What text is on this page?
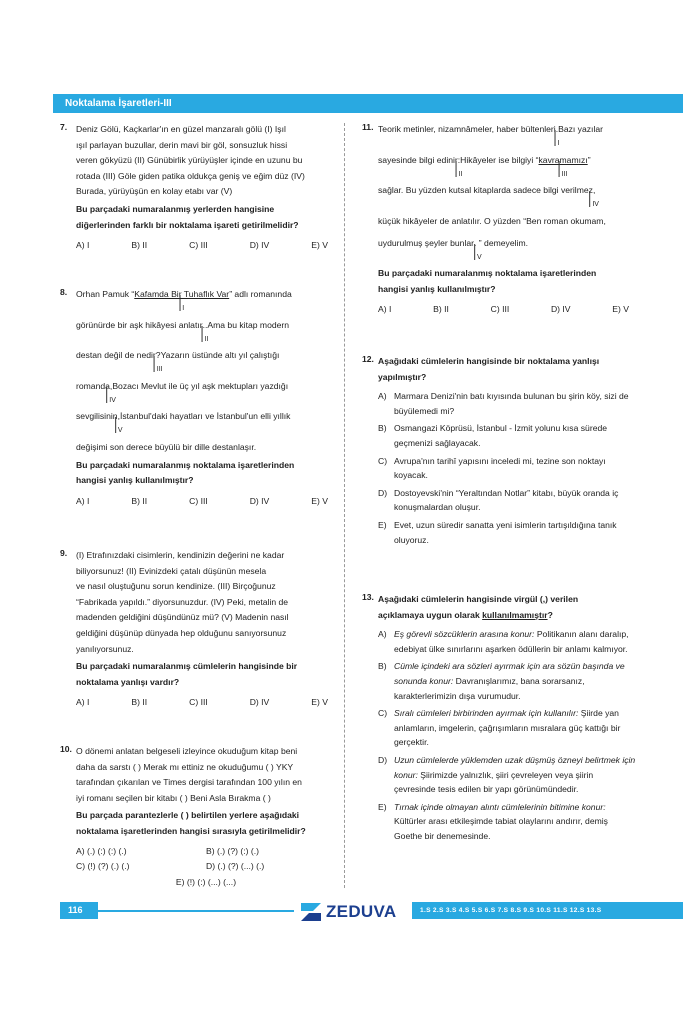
Noktalama İşaretleri-III
7. Deniz Gölü, Kaçkarlar'ın en güzel manzaralı gölü (I) Işıl
ışıl parlayan buzullar, derin mavi bir göl, sonsuzluk hissi
veren gökyüzü (II) Günübirlik yürüyüşler içinde en uzunu bu
rotada (III) Göle giden patika oldukça geniş ve eğim düz (IV)
Burada, yürüyüşün en kolay etabı var (V)
Bu parçadaki numaralanmış yerlerden hangisine
diğerlerinden farklı bir noktalama işareti getirilmelidir?
A) I	B) II	C) III	D) IV	E) V
8. Orhan Pamuk “Kafamda Bir Tuhaflık Var
I
” adlı romanında
görünürde bir aşk hikâyesi anlatır..
II
Ama bu kitap modern
destan değil de nedir?
III
Yazarın üstünde altı yıl çalıştığı
romanda,
IV
Bozacı Mevlut ile üç yıl aşk mektupları yazdığı
sevgilisinin,
V
İstanbul'daki hayatları ve İstanbul'un elli yıllık
değişimi son derece büyülü bir dille destanlaşır.
Bu parçadaki numaralanmış noktalama işaretlerinden
hangisi yanlış kullanılmıştır?
A) I	B) II	C) III	D) IV	E) V
9. (I) Etrafınızdaki cisimlerin, kendinizin değerini ne kadar
biliyorsunuz! (II) Evinizdeki çatalı düşünün mesela
ve nasıl oluştuğunu sorun kendinize. (III) Birçoğunuz
“Fabrikada yapıldı.” diyorsunuzdur. (IV) Peki, metalin de
madenden geldiğini düşündünüz mü? (V) Madenin nasıl
geldiğini düşünüp dünyada hep olduğunu sanıyorsunuz
yanılıyorsunuz.
Bu parçadaki numaralanmış cümlelerin hangisinde bir
noktalama yanlışı vardır?
A) I	B) II	C) III	D) IV	E) V
10. O dönemi anlatan belgeseli izleyince okuduğum kitap beni
daha da sarstı ( ) Merak mı ettiniz ne okuduğumu ( ) YKY
tarafından çıkarılan ve Times dergisi tarafından 100 yılın en
iyi romanı seçilen bir kitabı ( ) Beni Asla Bırakma ( )
Bu parçada parantezlerle ( ) belirtilen yerlere aşağıdaki
noktalama işaretlerinden hangisi sırasıyla getirilmelidir?
A) (.) (:) (:) (.)	B) (.) (?) (:) (.)
C) (!) (?) (.) (.)	D) (.) (?) (...) (.)
E) (!) (:) (...) (...)
11. Teorik metinler, nizamnâmeler, haber bültenleri.
I
Bazı yazılar
sayesinde bilgi edinir:
II
Hikâyeler ise bilgiyi “kavramamızı
III
”
sağlar. Bu yüzden kutsal kitaplarda sadece bilgi verilmez,
IV
küçük hikâyeler de anlatılır. O yüzden “Ben roman okumam,
uydurulmuş şeyler bunlar. ”
V
demeyelim.
Bu parçadaki numaralanmış noktalama işaretlerinden
hangisi yanlış kullanılmıştır?
A) I	B) II	C) III	D) IV	E) V
12. Aşağıdaki cümlelerin hangisinde bir noktalama yanlışı
yapılmıştır?
A) Marmara Denizi'nin batı kıyısında bulunan bu şirin köy, sizi de büyülemedi mi?
B) Osmangazi Köprüsü, İstanbul - İzmit yolunu kısa sürede geçmenizi sağlayacak.
C) Avrupa'nın tarihî yapısını inceledi mi, tezine son noktayı koyacak.
D) Dostoyevski'nin “Yeraltından Notlar” kitabı, büyük oranda iç konuşmalardan oluşur.
E) Evet, uzun süredir sanatta yeni isimlerin tartışıldığına tanık oluyoruz.
13. Aşağıdaki cümlelerin hangisinde virgül (,) verilen
açıklamaya uygun olarak kullanılmamıştır?
A) Eş görevli sözcüklerin arasına konur: Politikanın alanı daralıp, edebiyat ülke sınırlarını aşarken ödüllerin bir anlamı kalmıyor.
B) Cümle içindeki ara sözleri ayırmak için ara sözün başında ve sonunda konur: Davranışlarımız, bana sorarsanız, karakterlerimizin dışa vurumudur.
C) Sıralı cümleleri birbirinden ayırmak için kullanılır: Şiirde yan anlamların, imgelerin, çağrışımların mısralara güç kattığı bir gerçektir.
D) Uzun cümlelerde yüklemden uzak düşmüş özneyi belirtmek için konur: Şiirimizde yalnızlık, şiiri çevreleyen veya şiirin çevresinde tesis edilen bir yapı görünümündedir.
E) Tırnak içinde olmayan alıntı cümlelerinin bitimine konur: Kültürler arası etkileşimde tabiat olaylarını andırır, demiş Goethe bir denemesinde.
116	ZEDUVA	1.S 2.S 3.S 4.S 5.S 6.S 7.S 8.S 9.S 10.S 11.S 12.S 13.S
